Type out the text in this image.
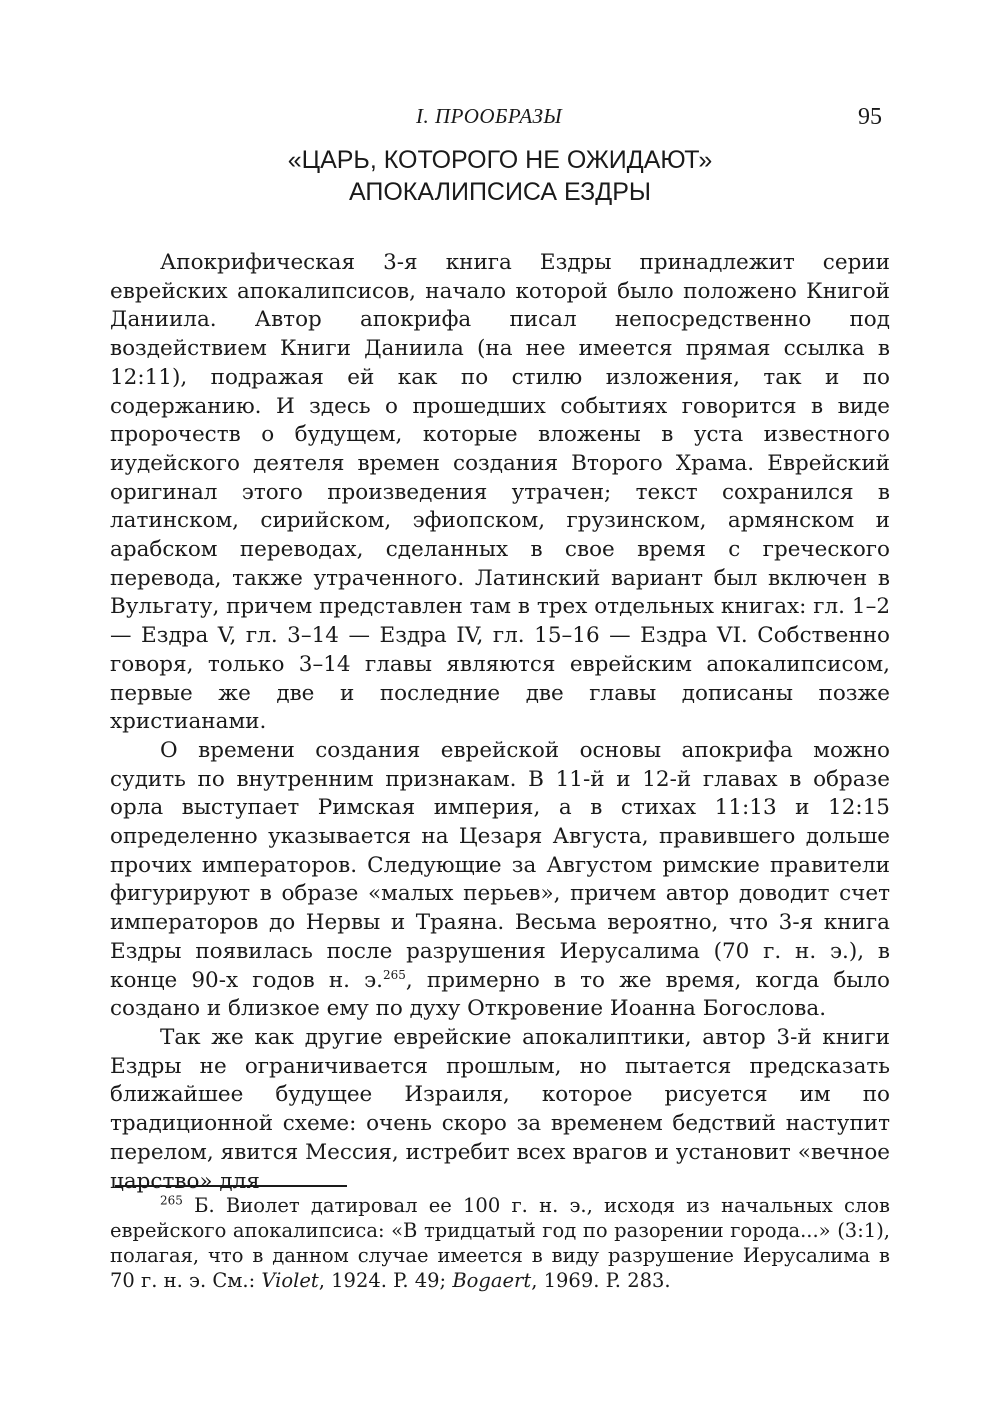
I. ПРООБРАЗЫ	95
«ЦАРЬ, КОТОРОГО НЕ ОЖИДАЮТ»
АПОКАЛИПСИСА ЕЗДРЫ

Апокрифическая 3-я книга Ездры принадлежит серии еврейских апокалипсисов, начало которой было положено Книгой Даниила. Автор апокрифа писал непосредственно под воздействием Книги Даниила (на нее имеется прямая ссылка в 12:11), подражая ей как по стилю изложения, так и по содержанию. И здесь о прошедших событиях говорится в виде пророчеств о будущем, которые вложены в уста известного иудейского деятеля времен создания Второго Храма. Еврейский оригинал этого произведения утрачен; текст сохранился в латинском, сирийском, эфиопском, грузинском, армянском и арабском переводах, сделанных в свое время с греческого перевода, также утраченного. Латинский вариант был включен в Вульгату, причем представлен там в трех отдельных книгах: гл. 1–2 — Ездра V, гл. 3–14 — Ездра IV, гл. 15–16 — Ездра VI. Собственно говоря, только 3–14 главы являются еврейским апокалипсисом, первые же две и последние две главы дописаны позже христианами.

О времени создания еврейской основы апокрифа можно судить по внутренним признакам. В 11-й и 12-й главах в образе орла выступает Римская империя, а в стихах 11:13 и 12:15 определенно указывается на Цезаря Августа, правившего дольше прочих императоров. Следующие за Августом римские правители фигурируют в образе «малых перьев», причем автор доводит счет императоров до Нервы и Траяна. Весьма вероятно, что 3-я книга Ездры появилась после разрушения Иерусалима (70 г. н. э.), в конце 90-х годов н. э.$^{265}$, примерно в то же время, когда было создано и близкое ему по духу Откровение Иоанна Богослова.

Так же как другие еврейские апокалиптики, автор 3-й книги Ездры не ограничивается прошлым, но пытается предсказать ближайшее будущее Израиля, которое рисуется им по традиционной схеме: очень скоро за временем бедствий наступит перелом, явится Мессия, истребит всех врагов и установит «вечное царство» для

$^{265}$ Б. Виолет датировал ее 100 г. н. э., исходя из начальных слов еврейского апокалипсиса: «В тридцатый год по разорении города...» (3:1), полагая, что в данном случае имеется в виду разрушение Иерусалима в 70 г. н. э. См.: Violet, 1924. P. 49; Bogaert, 1969. P. 283.
